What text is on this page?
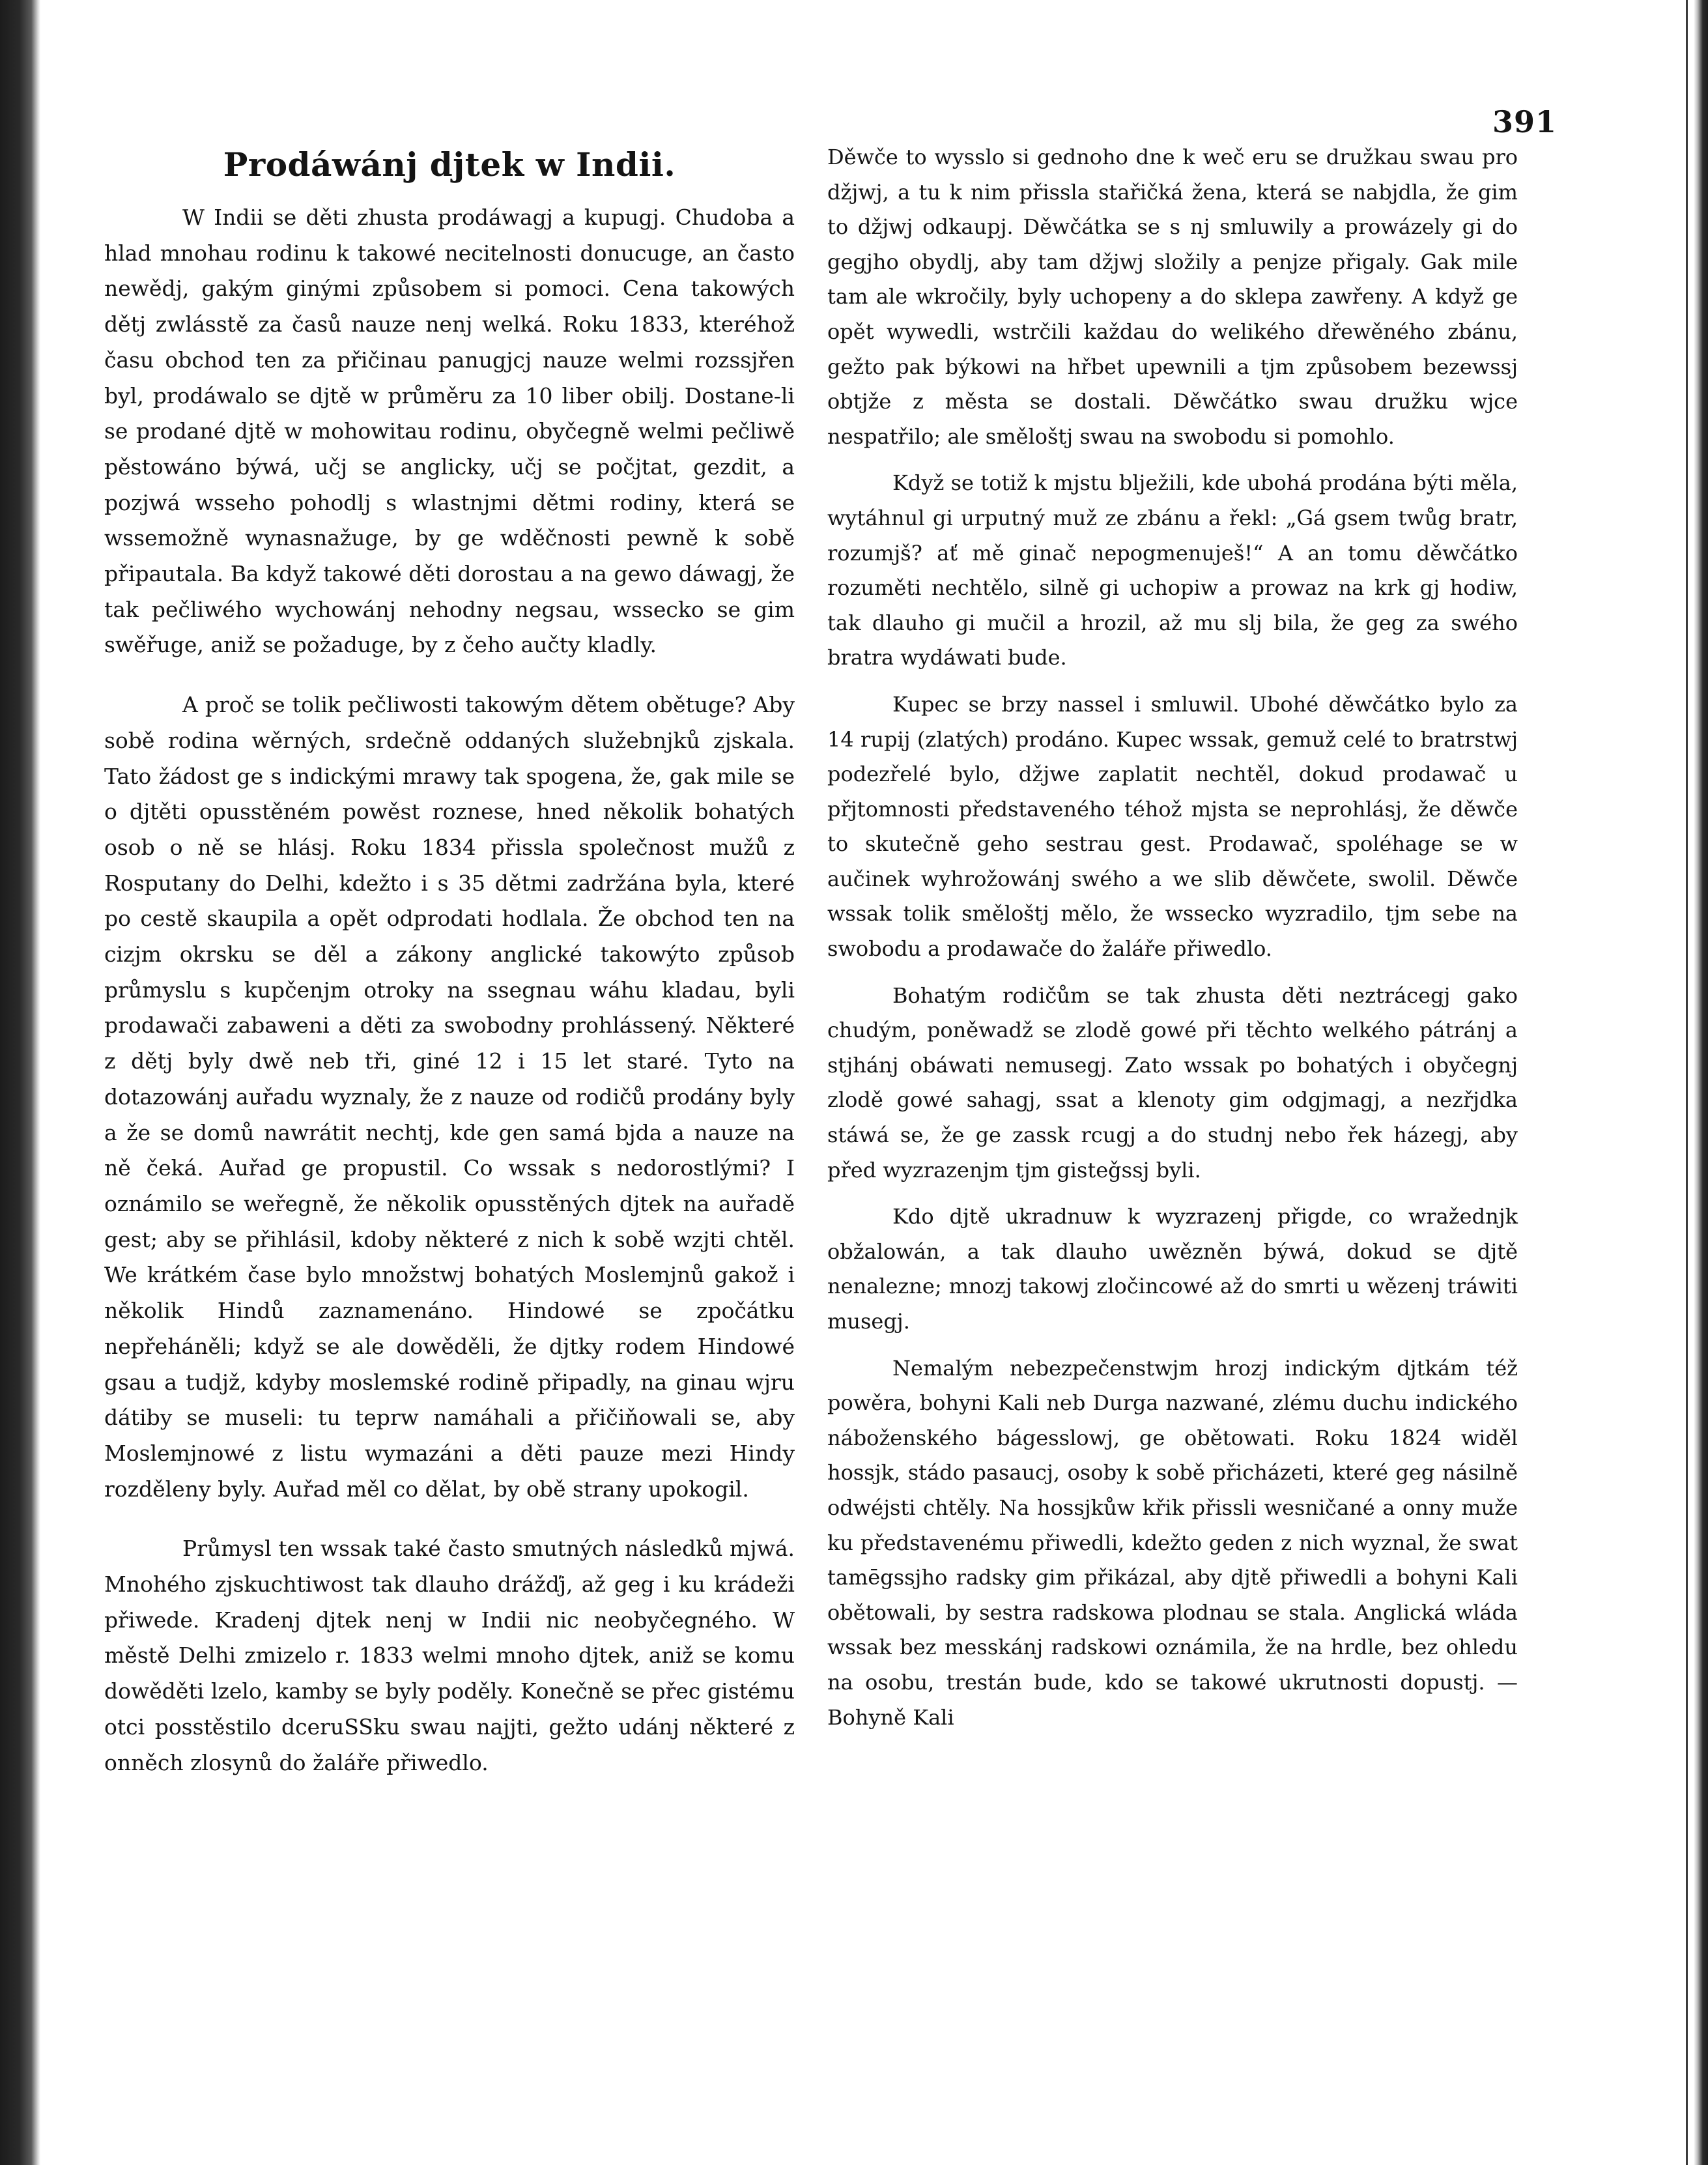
391
Prodáwánj djtek w Indii.

W Indii se děti zhusta prodáwagj a kupugj. Chudoba a hlad mnohau rodinu k takowé necitelnosti donucuge, an často newědj, gakým ginými způsobem si pomoci. Cena takowých dětj zwlásstě za časů nauze nenj welká. Roku 1833, kteréhož času obchod ten za přičinau panugjcj nauze welmi rozssjřen byl, prodáwalo se djtě w průměru za 10 liber obilj. Dostane-li se prodané djtě w mohowitau rodinu, obyčegně welmi pečliwě pěstowáno býwá, učj se anglicky, učj se počjtat, gezdit, a pozjwá wsseho pohodlj s wlastnjmi dětmi rodiny, která se wssemožně wynasnažuge, by ge wděčnosti pewně k sobě připautala. Ba když takowé děti dorostau a na gewo dáwagj, že tak pečliwého wychowánj nehodny negsau, wssecko se gim swěřuge, aniž se požaduge, by z čeho aučty kladly.

A proč se tolik pečliwosti takowým dětem obětuge? Aby sobě rodina wěrných, srdečně oddaných služebnjků zjskala. Tato žádost ge s indickými mrawy tak spogena, že, gak mile se o djtěti opusstěném powěst roznese, hned několik bohatých osob o ně se hlásj. Roku 1834 přissla společnost mužů z Rosputany do Delhi, kdežto i s 35 dětmi zadržána byla, které po cestě skaupila a opět odprodati hodlala. Že obchod ten na cizjm okrsku se děl a zákony anglické takowýto způsob průmyslu s kupčenjm otroky na ssegnau wáhu kladau, byli prodawači zabaweni a děti za swobodny prohlássený. Některé z dětj byly dwě neb tři, giné 12 i 15 let staré. Tyto na dotazowánj auřadu wyznaly, že z nauze od rodičů prodány byly a že se domů nawrátit nechtj, kde gen samá bjda a nauze na ně čeká. Auřad ge propustil. Co wssak s nedorostlými? I oznámilo se weřegně, že několik opusstěných djtek na auřadě gest; aby se přihlásil, kdoby některé z nich k sobě wzjti chtěl. We krátkém čase bylo množstwj bohatých Moslemjnů gakož i několik Hindů zaznamenáno. Hindowé se zpočátku nepřeháněli; když se ale dowěděli, že djtky rodem Hindowé gsau a tudjž, kdyby moslemské rodině připadly, na ginau wjru dátiby se museli: tu teprw namáhali a přičiňowali se, aby Moslemjnowé z listu wymazáni a děti pauze mezi Hindy rozděleny byly. Auřad měl co dělat, by obě strany upokogil.

Průmysl ten wssak také často smutných následků mjwá. Mnohého zjskuchtiwost tak dlauho drážďj, až geg i ku krádeži přiwede. Kradenj djtek nenj w Indii nic neobyčegného. W městě Delhi zmizelo r. 1833 welmi mnoho djtek, aniž se komu dowěděti lzelo, kamby se byly poděly. Konečně se přec gistému otci posstěstilo dceruSSku swau najjti, gežto udánj některé z onněch zlosynů do žaláře přiwedlo.

Děwče to wysslo si gednoho dne k weč eru se družkau swau pro džjwj, a tu k nim přissla stařičká žena, která se nabjdla, že gim to džjwj odkaupj. Děwčátka se s nj smluwily a prowázely gi do gegjho obydlj, aby tam džjwj složily a penjze přigaly. Gak mile tam ale wkročily, byly uchopeny a do sklepa zawřeny. A když ge opět wywedli, wstrčili každau do welikého dřewěného zbánu, gežto pak býkowi na hřbet upewnili a tjm způsobem bezewssj obtjže z města se dostali. Děwčátko swau družku wjce nespatřilo; ale směloštj swau na swobodu si pomohlo.

Když se totiž k mjstu blježili, kde ubohá prodána býti měla, wytáhnul gi urputný muž ze zbánu a řekl: „Gá gsem twůg bratr, rozumjš? ať mě ginač nepogmenuješ!“ A an tomu děwčátko rozuměti nechtělo, silně gi uchopiw a prowaz na krk gj hodiw, tak dlauho gi mučil a hrozil, až mu slj bila, že geg za swého bratra wydáwati bude.

Kupec se brzy nassel i smluwil. Ubohé děwčátko bylo za 14 rupij (zlatých) prodáno. Kupec wssak, gemuž celé to bratrstwj podezřelé bylo, džjwe zaplatit nechtěl, dokud prodawač u přjtomnosti představeného téhož mjsta se neprohlásj, že děwče to skutečně geho sestrau gest. Prodawač, spoléhage se w aučinek wyhrožowánj swého a we slib děwčete, swolil. Děwče wssak tolik směloštj mělo, že wssecko wyzradilo, tjm sebe na swobodu a prodawače do žaláře přiwedlo.

Bohatým rodičům se tak zhusta děti neztrácegj gako chudým, poněwadž se zlodě gowé při těchto welkého pátránj a stjhánj obáwati nemusegj. Zato wssak po bohatých i obyčegnj zlodě gowé sahagj, ssat a klenoty gim odgjmagj, a nezřjdka stáwá se, že ge zassk rcugj a do studnj nebo řek házegj, aby před wyzrazenjm tjm gisteǧssj byli.

Kdo djtě ukradnuw k wyzrazenj přigde, co wražednjk obžalowán, a tak dlauho uwězněn býwá, dokud se djtě nenalezne; mnozj takowj zločincowé až do smrti u wězenj tráwiti musegj.

Nemalým nebezpečenstwjm hrozj indickým djtkám též powěra, bohyni Kali neb Durga nazwané, zlému duchu indického náboženského bágesslowj, ge obětowati. Roku 1824 widěl hossjk, stádo pasaucj, osoby k sobě přicházeti, které geg násilně odwéjsti chtěly. Na hossjkůw křik přissli wesničané a onny muže ku představenému přiwedli, kdežto geden z nich wyznal, že swat tamēgssjho radsky gim přikázal, aby djtě přiwedli a bohyni Kali obětowali, by sestra radskowa plodnau se stala. Anglická wláda wssak bez messkánj radskowi oznámila, že na hrdle, bez ohledu na osobu, trestán bude, kdo se takowé ukrutnosti dopustj. — Bohyně Kali
